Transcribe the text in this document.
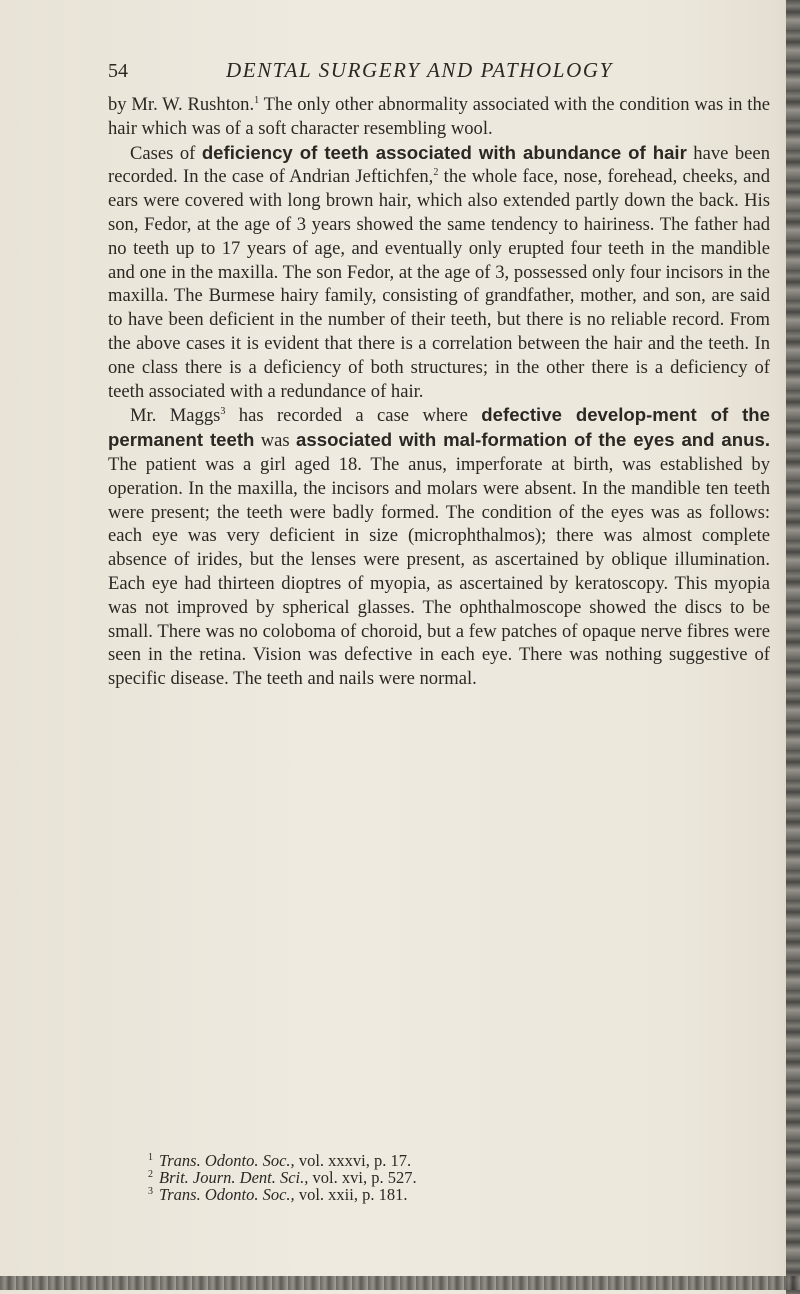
54	DENTAL SURGERY AND PATHOLOGY

by Mr. W. Rushton.$^1$ The only other abnormality associated with the condition was in the hair which was of a soft character resembling wool.

Cases of deficiency of teeth associated with abundance of hair have been recorded. In the case of Andrian Jeftichfen,$^2$ the whole face, nose, forehead, cheeks, and ears were covered with long brown hair, which also extended partly down the back. His son, Fedor, at the age of 3 years showed the same tendency to hairiness. The father had no teeth up to 17 years of age, and eventually only erupted four teeth in the mandible and one in the maxilla. The son Fedor, at the age of 3, possessed only four incisors in the maxilla. The Burmese hairy family, consisting of grandfather, mother, and son, are said to have been deficient in the number of their teeth, but there is no reliable record. From the above cases it is evident that there is a correlation between the hair and the teeth. In one class there is a deficiency of both structures; in the other there is a deficiency of teeth associated with a redundance of hair.

Mr. Maggs$^3$ has recorded a case where defective develop-ment of the permanent teeth was associated with mal-formation of the eyes and anus. The patient was a girl aged 18. The anus, imperforate at birth, was established by operation. In the maxilla, the incisors and molars were absent. In the mandible ten teeth were present; the teeth were badly formed. The condition of the eyes was as follows: each eye was very deficient in size (microphthalmos); there was almost complete absence of irides, but the lenses were present, as ascertained by oblique illumination. Each eye had thirteen dioptres of myopia, as ascertained by keratoscopy. This myopia was not improved by spherical glasses. The ophthalmoscope showed the discs to be small. There was no coloboma of choroid, but a few patches of opaque nerve fibres were seen in the retina. Vision was defective in each eye. There was nothing suggestive of specific disease. The teeth and nails were normal.

$^1$ Trans. Odonto. Soc., vol. xxxvi, p. 17.

$^2$ Brit. Journ. Dent. Sci., vol. xvi, p. 527.

$^3$ Trans. Odonto. Soc., vol. xxii, p. 181.
